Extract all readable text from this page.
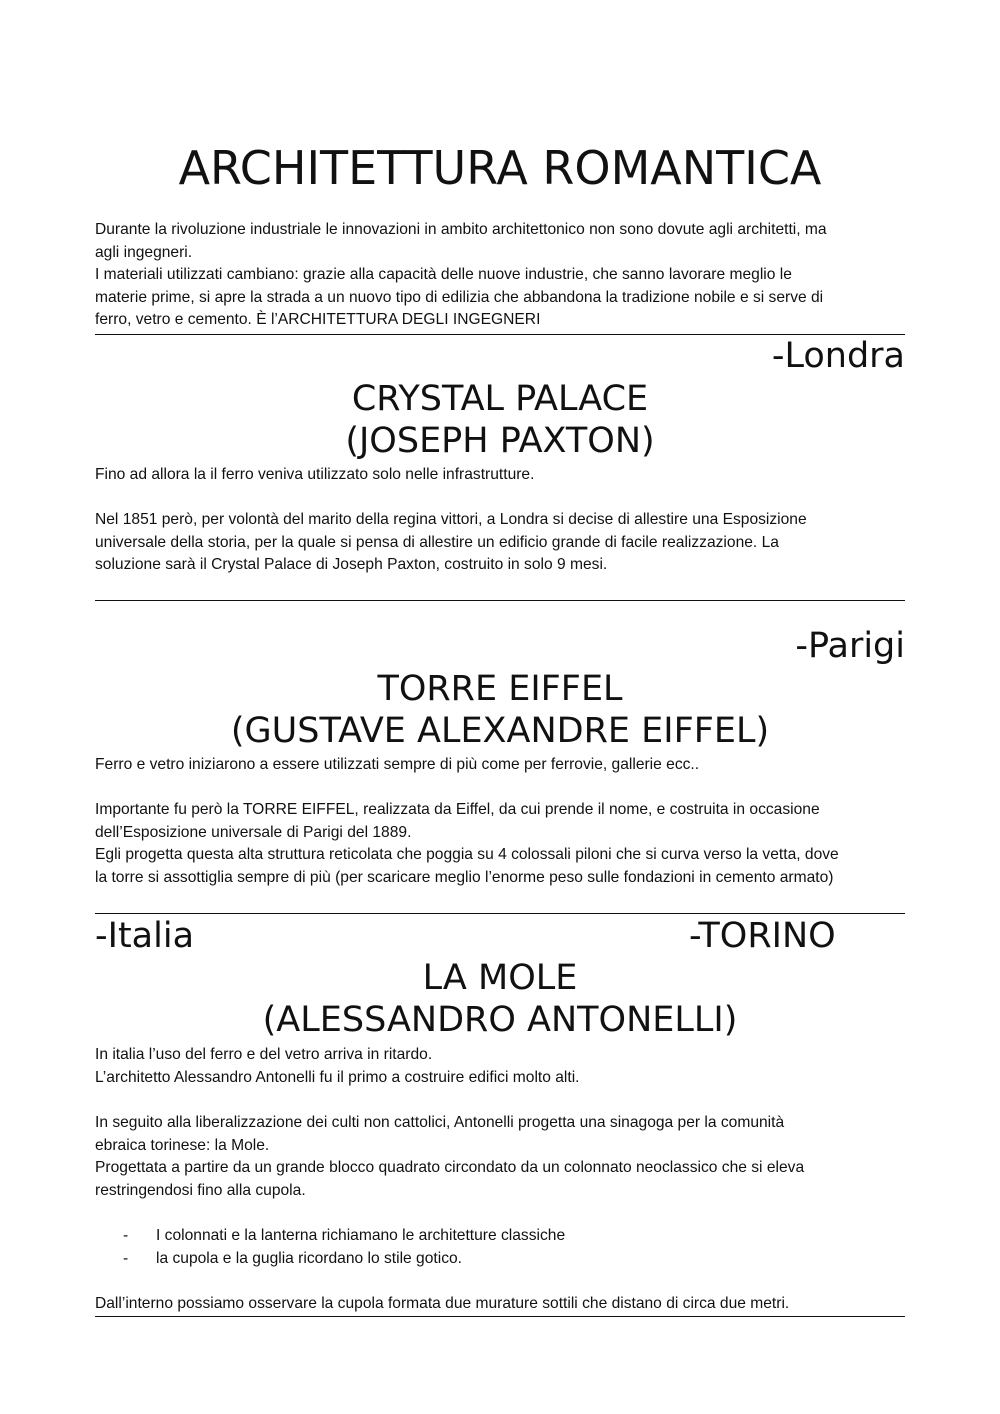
ARCHITETTURA ROMANTICA

Durante la rivoluzione industriale le innovazioni in ambito architettonico non sono dovute agli architetti, ma
agli ingegneri.
I materiali utilizzati cambiano: grazie alla capacità delle nuove industrie, che sanno lavorare meglio le
materie prime, si apre la strada a un nuovo tipo di edilizia che abbandona la tradizione nobile e si serve di
ferro, vetro e cemento. È l’ARCHITETTURA DEGLI INGEGNERI

-Londra
CRYSTAL PALACE
(JOSEPH PAXTON)

Fino ad allora la il ferro veniva utilizzato solo nelle infrastrutture.

Nel 1851 però, per volontà del marito della regina vittori, a Londra si decise di allestire una Esposizione
universale della storia, per la quale si pensa di allestire un edificio grande di facile realizzazione. La
soluzione sarà il Crystal Palace di Joseph Paxton, costruito in solo 9 mesi.

-Parigi
TORRE EIFFEL
(GUSTAVE ALEXANDRE EIFFEL)

Ferro e vetro iniziarono a essere utilizzati sempre di più come per ferrovie, gallerie ecc..

Importante fu però la TORRE EIFFEL, realizzata da Eiffel, da cui prende il nome, e costruita in occasione
dell’Esposizione universale di Parigi del 1889.
Egli progetta questa alta struttura reticolata che poggia su 4 colossali piloni che si curva verso la vetta, dove
la torre si assottiglia sempre di più (per scaricare meglio l’enorme peso sulle fondazioni in cemento armato)

-Italia	-TORINO
LA MOLE
(ALESSANDRO ANTONELLI)

In italia l’uso del ferro e del vetro arriva in ritardo.
L’architetto Alessandro Antonelli fu il primo a costruire edifici molto alti.

In seguito alla liberalizzazione dei culti non cattolici, Antonelli progetta una sinagoga per la comunità
ebraica torinese: la Mole.
Progettata a partire da un grande blocco quadrato circondato da un colonnato neoclassico che si eleva
restringendosi fino alla cupola.

-	I colonnati e la lanterna richiamano le architetture classiche
-	la cupola e la guglia ricordano lo stile gotico.

Dall’interno possiamo osservare la cupola formata due murature sottili che distano di circa due metri.
